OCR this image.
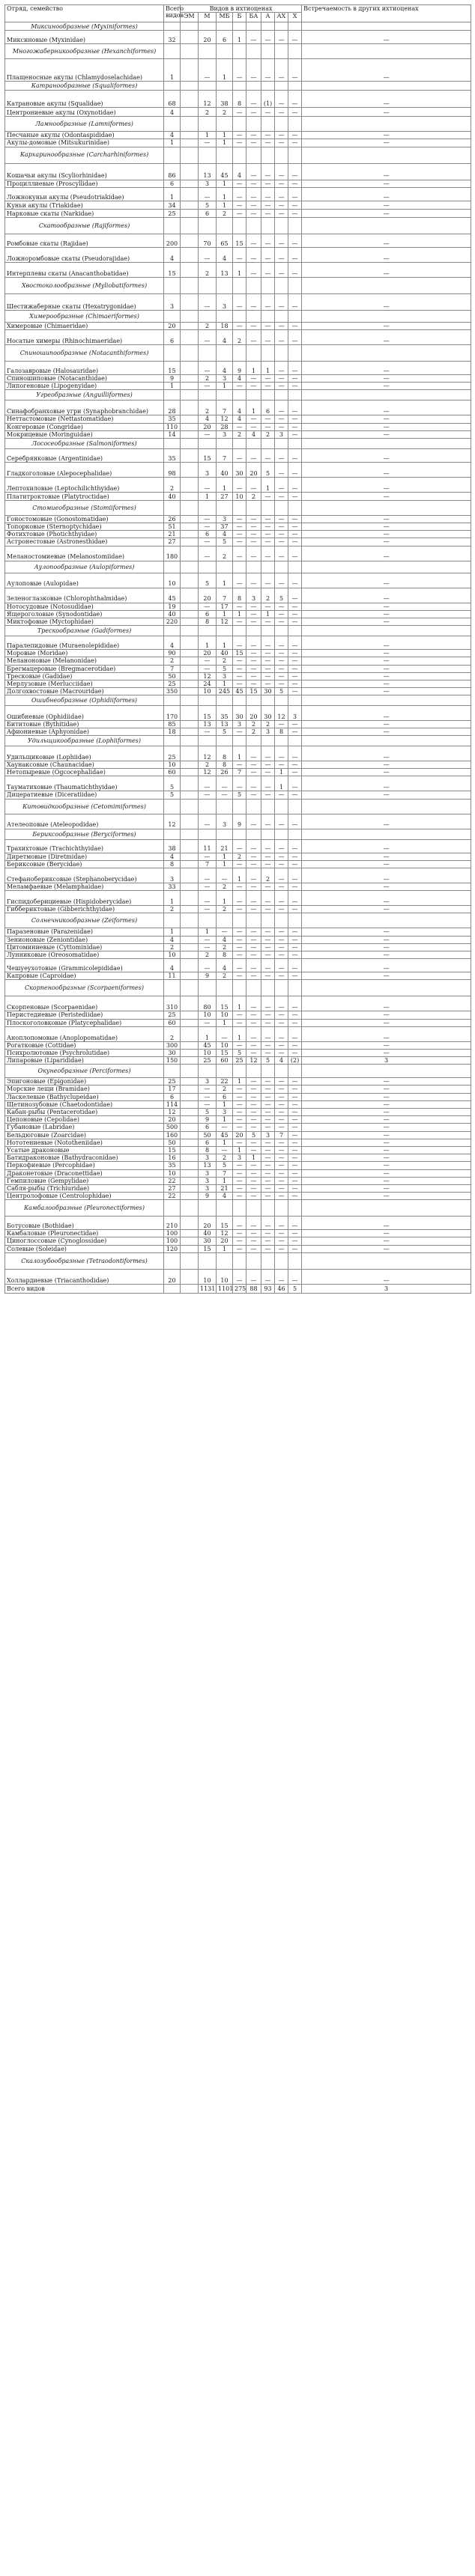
Отряд, семейство	Всего видов	Видов в ихтиоценах								Встречаемость в других ихтиоценах	
		ЭМ	М	МБ	Б	БА	А	АХ	Х		
Миксинообразные (Myxiniformes)											
Миксиновые (Myxinidae)	32		20	6	1	—	—	—	—	—	
Многожаберникообразные (Hexanchiformes)											
Плащеносные акулы (Chlamydoselachidae)	1		—	1	—	—	—	—	—	—	
Катранообразные (Squaliformes)											
Катрановые акулы (Squalidae)	68		12	38	8	—	(1)	—	—	—	
Центрониевые акулы (Oxynotidae)	4		2	2	—	—	—	—	—	—	
Ламнообразные (Lamniformes)											
Песчаные акулы (Odontaspididae)	4		1	1	—	—	—	—	—	—	
Акулы-домовые (Mitsukurinidae)	1		—	1	—	—	—	—	—	—	
Кархаринообразные (Carcharhiniformes)											
Кошачьи акулы (Scyliorhinidae)	86		13	45	4	—	—	—	—	—	
Проциллиевые (Proscyllidae)	6		3	1	—	—	—	—	—	—	
Ложнокуньи акулы (Pseudotriakidae)	1		—	1	—	—	—	—	—	—	
Куньи акулы (Triakidae)	34		5	1	—	—	—	—	—	—	
Нарковые скаты (Narkidae)	25		6	2	—	—	—	—	—	—	
Скатообразные (Rajiformes)											
Ромбовые скаты (Rajidae)	200		70	65	15	—	—	—	—	—	
Ложноромбовые скаты (Pseudorajidae)	4		—	4	—	—	—	—	—	—	
Интерплевы скаты (Anacanthobatidae)	15		2	13	1	—	—	—	—	—	
Хвостоколообразные (Myliobatiformes)											
Шестижаберные скаты (Hexatrygonidae)	3		—	3	—	—	—	—	—	—	
Химерообразные (Chimaeriformes)											
Химеровые (Chimaeridae)	20		2	18	—	—	—	—	—	—	
Носатые химеры (Rhinochimaeridae)	6		—	4	2	—	—	—	—	—	
Спиношипообразные (Notacanthiformes)											
Галозавровые (Halosauridae)	15		—	4	9	1	1	—	—	—	
Спиношиповые (Notacanthidae)	9		2	3	4	—	—	—	—	—	
Липогеновые (Lipogenyidae)	1		—	1	—	—	—	—	—	—	
Угреобразные (Anguilliformes)											
Синафобранховые угри (Synaphobranchidae)	28		2	7	4	1	6	—	—	—	
Неттастомовые (Nettastomatidae)	35		4	12	4	—	—	—	—	—	
Конгеровые (Congridae)	110		20	28	—	—	—	—	—	—	
Мокрицевые (Moringuidae)	14		—	3	2	4	2	3	—	—	
Лососеобразные (Salmoniformes)											
Серебрянковые (Argentinidae)	35		15	7	—	—	—	—	—	—	
Гладкоголовые (Alepocephalidae)	98		3	40	30	20	5	—	—	—	
Лептохиловые (Leptochilichthyidae)	2		—	1	—	—	1	—	—	—	
Платитроктовые (Platytroctidae)	40		1	27	10	2	—	—	—	—	
Стомиеобразные (Stomiiformes)											
Гоностомовые (Gonostomatidae)	26		—	3	—	—	—	—	—	—	
Топорковые (Sternoptychidae)	51		—	37	—	—	—	—	—	—	
Фотихтовые (Photichthyidae)	21		6	4	—	—	—	—	—	—	
Астронестовые (Astronesthidae)	27		—	5	—	—	—	—	—	—	
Меланостомиевые (Melanostomiidae)	180		—	2	—	—	—	—	—	—	
Аулопообразные (Aulopiformes)											
Аулоповые (Aulopidae)	10		5	1	—	—	—	—	—	—	
Зеленоглазковые (Chlorophthalmidae)	45		20	7	8	3	2	5	—	—	
Нотосудовые (Notosudidae)	19		—	17	—	—	—	—	—	—	
Ящероголовые (Synodontidae)	40		6	1	1	—	1	—	—	—	
Миктофовые (Myctophidae)	220		8	12	—	—	—	—	—	—	
Трескообразные (Gadiformes)											
Паралепидовые (Muraenolepididae)	4		1	1	—	—	—	—	—	—	
Моровые (Moridae)	90		20	40	15	—	—	—	—	—	
Меланоновые (Melanonidae)	2		—	2	—	—	—	—	—	—	
Брегмацеровые (Bregmacerotidae)	7		—	5	—	—	—	—	—	—	
Тресковые (Gadidae)	50		12	3	—	—	—	—	—	—	
Мерлузовые (Merlucciidae)	25		24	1	—	—	—	—	—	—	
Долгохвостовые (Macrouridae)	350		10	245	45	15	30	5	—	—	
Ошибнеобразные (Ophidiiformes)											
Ошибневые (Ophidiidae)	170		15	35	30	20	30	12	3	—	
Бититовые (Bythitidae)	85		13	13	3	2	2	—	—	—	
Афиониевые (Aphyonidae)	18		—	5	—	2	3	8	—	—	
Удильщикообразные (Lophiiformes)											
Удильщиковые (Lophiidae)	25		12	8	1	—	—	—	—	—	
Хаунаксовые (Chaunacidae)	10		2	8	—	—	—	—	—	—	
Нетопыревые (Ogcocephalidae)	60		12	26	7	—	—	1	—	—	
Тауматиховые (Thaumatichthyidae)	5		—	—	—	—	—	1	—	—	
Дицератиевые (Diceratiidae)	5		—	—	5	—	—	—	—	—	
Китовидкообразные (Cetomimiformes)											
Ателеоповые (Ateleopodidae)	12		—	3	9	—	—	—	—	—	
Бериксообразные (Beryciformes)											
Трахихтовые (Trachichthyidae)	38		11	21	—	—	—	—	—	—	
Диретмовые (Diretmidae)	4		—	1	2	—	—	—	—	—	
Бериксовые (Berycidae)	8		7	1	—	—	—	—	—	—	
Стефанобериксовые (Stephanoberycidae)	3		—	—	1	—	2	—	—	—	
Меламфаевые (Melamphaidae)	33		—	2	—	—	—	—	—	—	
Гиспидоберициевые (Hispidoberycidae)	1		—	1	—	—	—	—	—	—	
Гиббериктовые (Gibberichthyidae)	2		—	2	—	—	—	—	—	—	
Солнечникообразные (Zeiformes)											
Паразеновые (Parazenidae)	1		1	—	—	—	—	—	—	—	
Зенионовые (Zeniontidae)	4		—	4	—	—	—	—	—	—	
Цитоминиевые (Cyttominidae)	2		—	2	—	—	—	—	—	—	
Лунниковые (Oreosomatidae)	10		2	8	—	—	—	—	—	—	
Чешуеухотовые (Grammicolepididae)	4		—	4	—	—	—	—	—	—	
Капровые (Caproidae)	11		9	2	—	—	—	—	—	—	
Скорпенообразные (Scorpaeniformes)											
Скорпеновые (Scorpaenidae)	310		80	15	1	—	—	—	—	—	
Перистедиевые (Peristediidae)	25		10	10	—	—	—	—	—	—	
Плоскоголовковые (Platycephalidae)	60		—	1	—	—	—	—	—	—	
Аноплопомовые (Anoplopomatidae)	2		1	—	1	—	—	—	—	—	
Рогатковые (Cottidae)	300		45	10	—	—	—	—	—	—	
Психролютовые (Psychrolutidae)	30		10	15	5	—	—	—	—	—	
Липаровые (Liparididae)	150		25	60	25	12	5	4	(2)	3	
Окунеобразные (Perciformes)											
Эпигоновые (Epigonidae)	25		3	22	1	—	—	—	—	—	
Морские лещи (Bramidae)	17		—	2	—	—	—	—	—	—	
Ласкелевые (Bathyclupeidae)	6		—	6	—	—	—	—	—	—	
Щетинозубовые (Chaetodontidae)	114		—	1	—	—	—	—	—	—	
Кабан-рыбы (Pentacerotidae)	12		5	3	—	—	—	—	—	—	
Цепоновые (Cepolidae)	20		9	1	—	—	—	—	—	—	
Губановые (Labridae)	500		6	—	—	—	—	—	—	—	
Бельдюговые (Zoarcidae)	160		50	45	20	5	3	7	—	—	
Нототениевые (Nototheniidae)	50		6	1	—	—	—	—	—	—	
Усатые драконовые	15		8	—	1	—	—	—	—	—	
Батидраконовые (Bathydraconidae)	16		3	2	3	1	—	—	—	—	
Перкофиевые (Percophidae)	35		13	5	—	—	—	—	—	—	
Драконетовые (Draconettidae)	10		3	7	—	—	—	—	—	—	
Гемпиловые (Gempylidae)	22		3	1	—	—	—	—	—	—	
Сабля-рыбы (Trichiuridae)	27		3	21	—	—	—	—	—	—	
Центролофовые (Centrolophidae)	22		9	4	—	—	—	—	—	—	
Камбалообразные (Pleuronectiformes)											
Ботусовые (Bothidae)	210		20	15	—	—	—	—	—	—	
Камбаловые (Pleuronectidae)	100		40	12	—	—	—	—	—	—	
Циноглоссовые (Cynoglossidae)	100		30	20	—	—	—	—	—	—	
Солевые (Soleidae)	120		15	1	—	—	—	—	—	—	
Скалозубообразные (Tetraodontiformes)											
Холлардиевые (Triacanthodidae)	20		10	10	—	—	—	—	—	—	
Всего видов			1131	1101	275	88	93	46	5	3	
